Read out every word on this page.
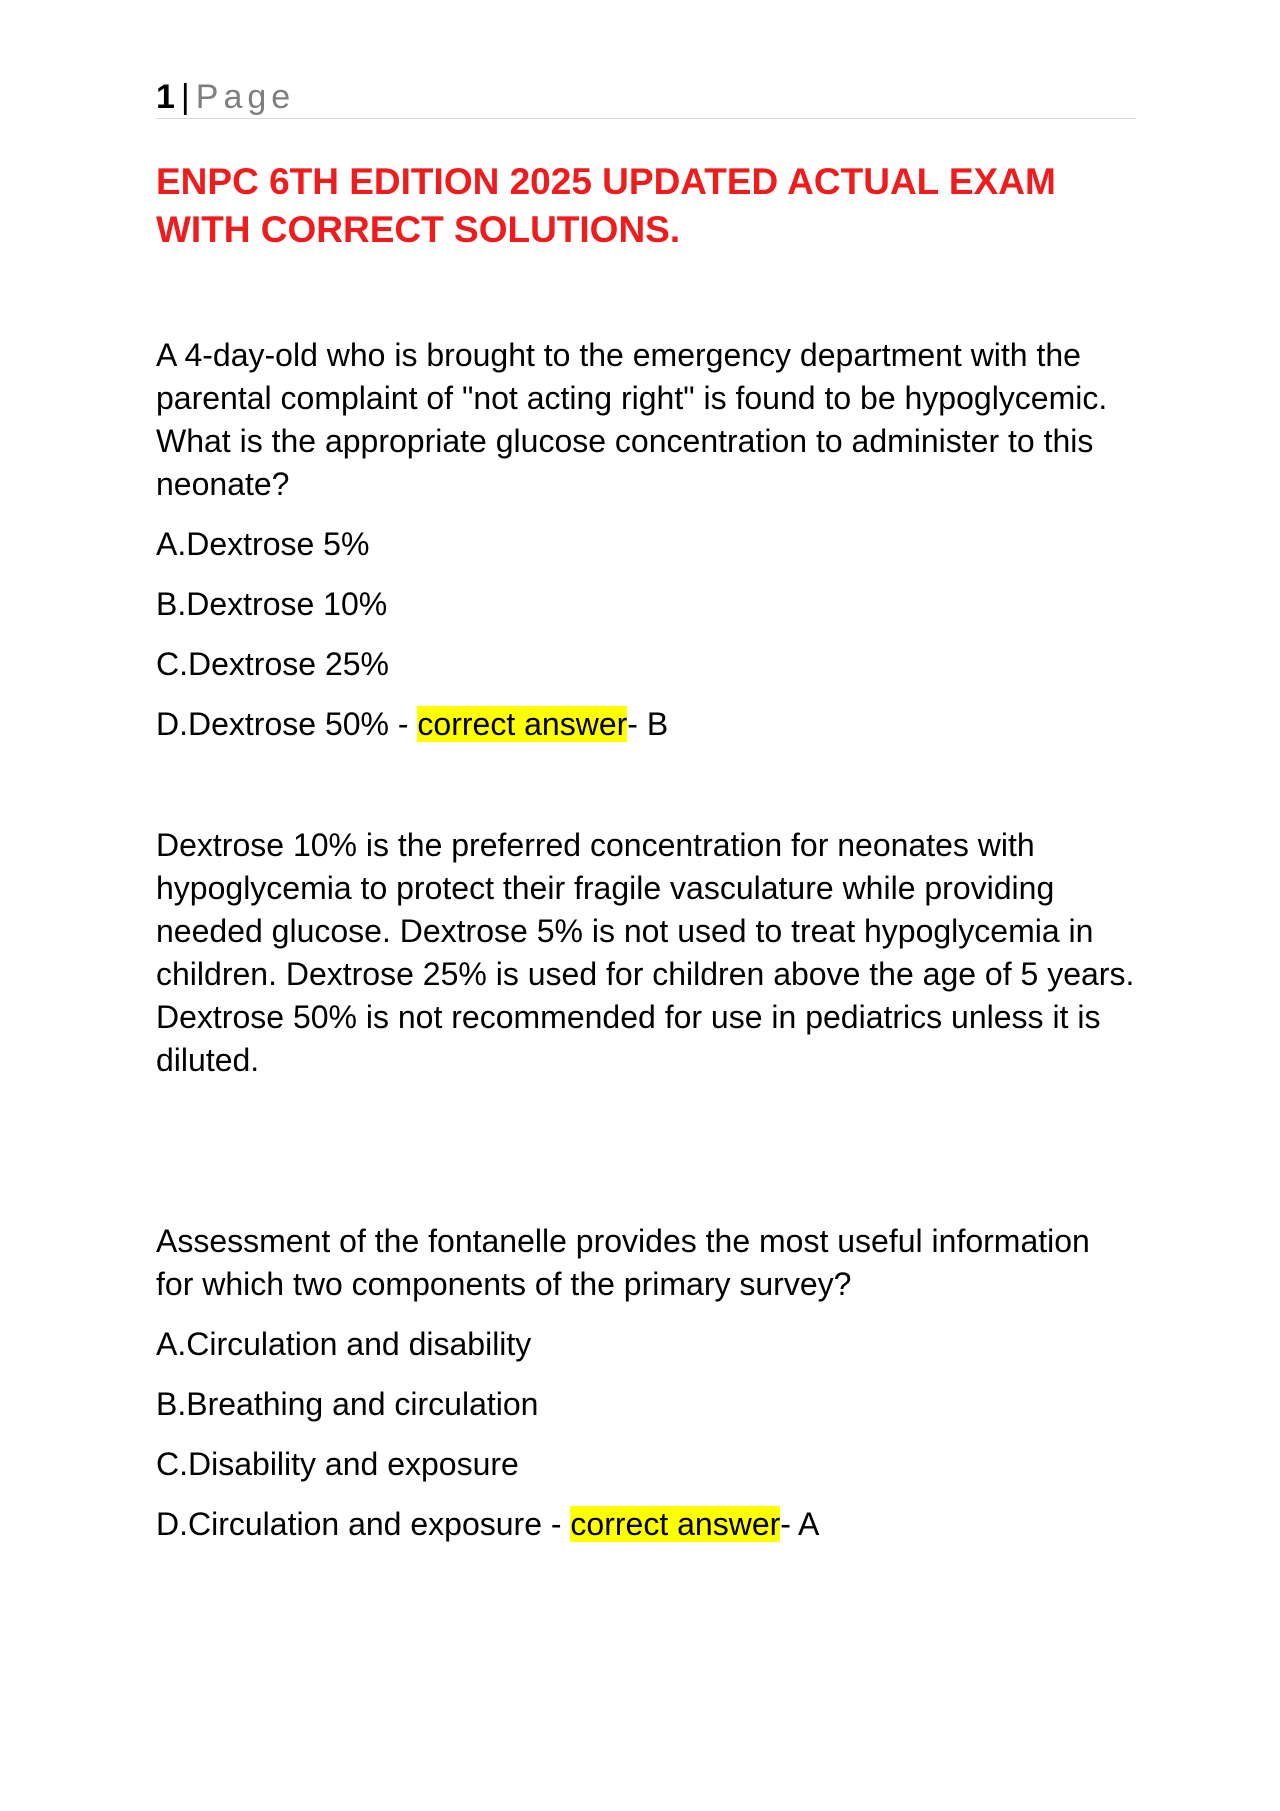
1 | Page
ENPC 6TH EDITION 2025 UPDATED ACTUAL EXAM WITH CORRECT SOLUTIONS.

A 4-day-old who is brought to the emergency department with the parental complaint of "not acting right" is found to be hypoglycemic. What is the appropriate glucose concentration to administer to this neonate?

A.Dextrose 5%
B.Dextrose 10%
C.Dextrose 25%
D.Dextrose 50% - correct answer- B

Dextrose 10% is the preferred concentration for neonates with hypoglycemia to protect their fragile vasculature while providing needed glucose. Dextrose 5% is not used to treat hypoglycemia in children. Dextrose 25% is used for children above the age of 5 years. Dextrose 50% is not recommended for use in pediatrics unless it is diluted.

Assessment of the fontanelle provides the most useful information for which two components of the primary survey?

A.Circulation and disability
B.Breathing and circulation
C.Disability and exposure
D.Circulation and exposure - correct answer- A
